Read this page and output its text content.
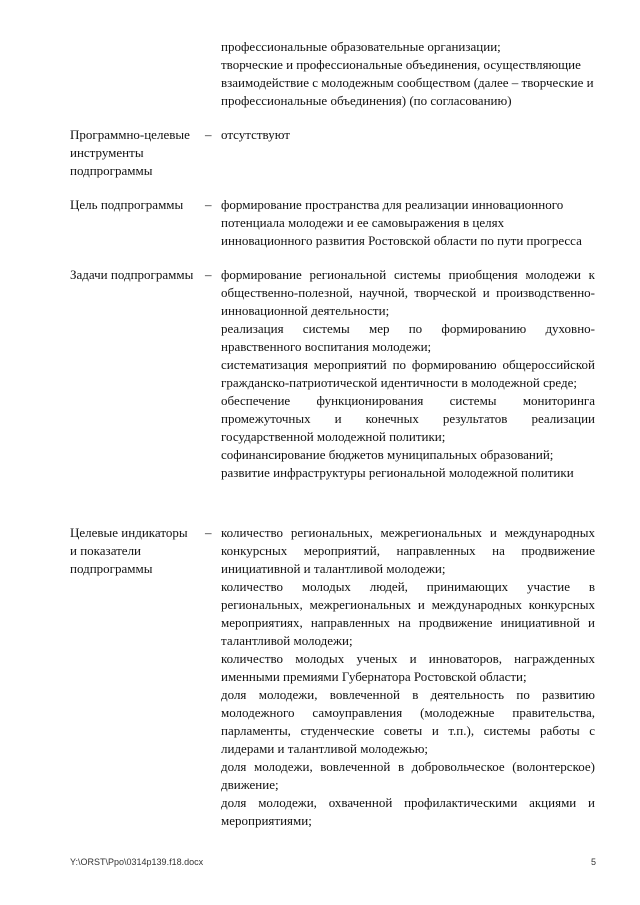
профессиональные образовательные организации;

творческие и профессиональные объединения, осуществляющие взаимодействие с молодежным сообществом (далее – творческие и профессиональные объединения) (по согласованию)

Программно-целевые инструменты подпрограммы

– отсутствуют

Цель подпрограммы	– формирование пространства для реализации инновационного потенциала молодежи и ее самовыражения в целях инновационного развития Ростовской области по пути прогресса

Задачи подпрограммы – формирование региональной системы приобщения молодежи к общественно-полезной, научной, творческой и производственно-инновационной деятельности;

реализация системы мер по формированию духовно-нравственного воспитания молодежи;

систематизация мероприятий по формированию общероссийской гражданско-патриотической идентичности в молодежной среде;

обеспечение функционирования системы мониторинга промежуточных и конечных результатов реализации государственной молодежной политики;

софинансирование бюджетов муниципальных образований;

развитие инфраструктуры региональной молодежной политики

Целевые индикаторы и показатели подпрограммы

– количество региональных, межрегиональных и международных конкурсных мероприятий, направленных на продвижение инициативной и талантливой молодежи;

количество молодых людей, принимающих участие в региональных, межрегиональных и международных конкурсных мероприятиях, направленных на продвижение инициативной и талантливой молодежи;

количество молодых ученых и инноваторов, награжденных именными премиями Губернатора Ростовской области;

доля молодежи, вовлеченной в деятельность по развитию молодежного самоуправления (молодежные правительства, парламенты, студенческие советы и т.п.), системы работы с лидерами и талантливой молодежью;

доля молодежи, вовлеченной в добровольческое (волонтерское) движение;

доля молодежи, охваченной профилактическими акциями и мероприятиями;

Y:\ORST\Ppo\0314p139.f18.docx	5
